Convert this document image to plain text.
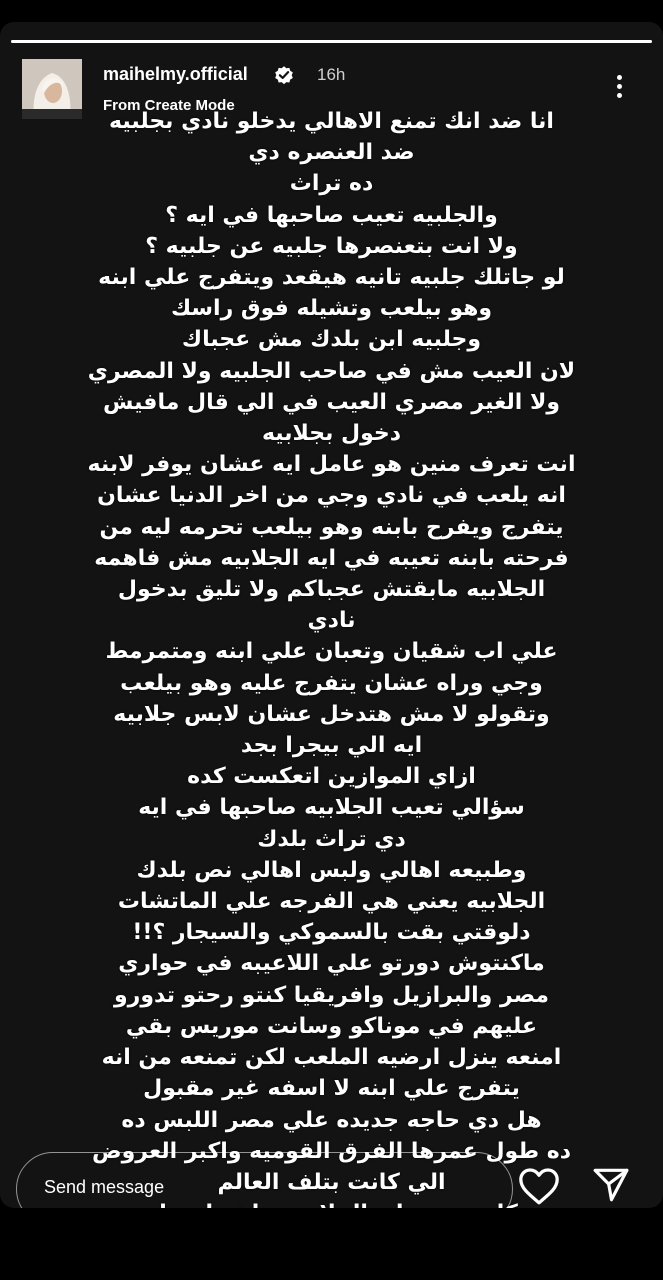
maihelmy.official	16h
From Create Mode
انا ضد انك تمنع الاهالي يدخلو نادي بجلبيه
ضد العنصره دي
ده تراث
والجلبيه تعيب صاحبها في ايه ؟
ولا انت بتعنصرها جلبيه عن جلبيه ؟
لو جاتلك جلبيه تانيه هيقعد ويتفرج علي ابنه
وهو بيلعب وتشيله فوق راسك
وجلبيه ابن بلدك مش عجباك
لان العيب مش في صاحب الجلبيه ولا المصري
ولا الغير مصري العيب في الي قال مافيش
دخول بجلابيه
انت تعرف منين هو عامل ايه عشان يوفر لابنه
انه يلعب في نادي وجي من اخر الدنيا عشان
يتفرج ويفرح بابنه وهو بيلعب تحرمه ليه من
فرحته بابنه تعيبه في ايه الجلابيه مش فاهمه
الجلابيه مابقتش عجباكم ولا تليق بدخول
نادي
علي اب شقيان وتعبان علي ابنه ومتمرمط
وجي وراه عشان يتفرج عليه وهو بيلعب
وتقولو لا مش هتدخل عشان لابس جلابيه
ايه الي بيجرا بجد
ازاي الموازين اتعكست كده
سؤالي تعيب الجلابيه صاحبها في ايه
دي تراث بلدك
وطبيعه اهالي ولبس اهالي نص بلدك
الجلابيه يعني هي الفرجه علي الماتشات
دلوقتي بقت بالسموكي والسيجار ؟!!
ماكنتوش دورتو علي اللاعيبه في حواري
مصر والبرازيل وافريقيا كنتو رحتو تدورو
عليهم في موناكو وسانت موريس بقي
امنعه ينزل ارضيه الملعب لكن تمنعه من انه
يتفرج علي ابنه لا اسفه غير مقبول
هل دي حاجه جديده علي مصر اللبس ده
ده طول عمرها الفرق القوميه واكبر العروض
الي كانت بتلف العالم
Send message
